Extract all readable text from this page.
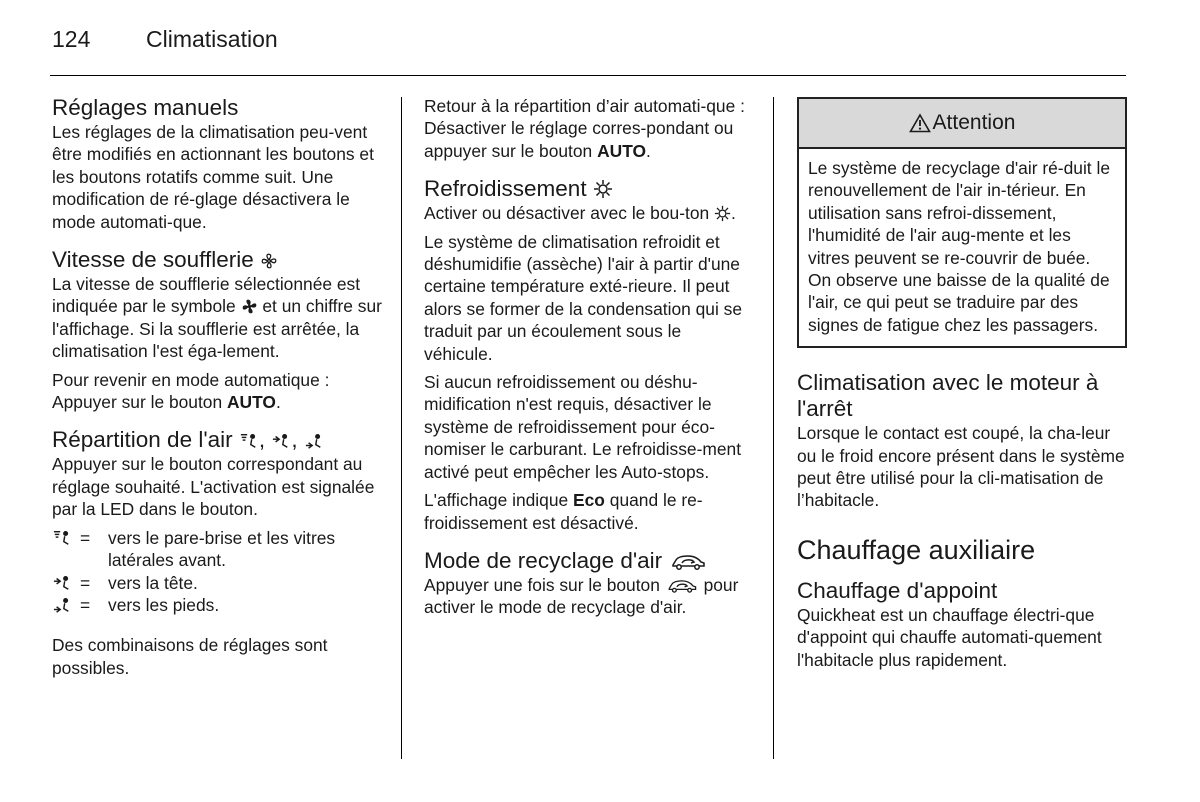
124 Climatisation
Réglages manuels

Les réglages de la climatisation peu-vent être modifiés en actionnant les boutons et les boutons rotatifs comme suit. Une modification de ré-glage désactivera le mode automati-que.

Vitesse de soufflerie

La vitesse de soufflerie sélectionnée est indiquée par le symbole et un chiffre sur l'affichage. Si la soufflerie est arrêtée, la climatisation l'est éga-lement.

Pour revenir en mode automatique : Appuyer sur le bouton AUTO.

Répartition de l'air , ,

Appuyer sur le bouton correspondant au réglage souhaité. L'activation est signalée par la LED dans le bouton.

=	vers le pare-brise et les vitres latérales avant.
=	vers la tête.
=	vers les pieds.

Des combinaisons de réglages sont possibles.

Retour à la répartition d’air automati-que : Désactiver le réglage corres-pondant ou appuyer sur le bouton AUTO.

Refroidissement

Activer ou désactiver avec le bou-ton .

Le système de climatisation refroidit et déshumidifie (assèche) l'air à partir d'une certaine température exté-rieure. Il peut alors se former de la condensation qui se traduit par un écoulement sous le véhicule.

Si aucun refroidissement ou déshu-midification n'est requis, désactiver le système de refroidissement pour éco-nomiser le carburant. Le refroidisse-ment activé peut empêcher les Auto-stops.

L'affichage indique Eco quand le re-froidissement est désactivé.

Mode de recyclage d'air

Appuyer une fois sur le bouton	pour activer le mode de recyclage d'air.

Attention
Le système de recyclage d'air ré-duit le renouvellement de l'air in-térieur. En utilisation sans refroi-dissement, l'humidité de l'air aug-mente et les vitres peuvent se re-couvrir de buée. On observe une baisse de la qualité de l'air, ce qui peut se traduire par des signes de fatigue chez les passagers.
Climatisation avec le moteur à l'arrêt

Lorsque le contact est coupé, la cha-leur ou le froid encore présent dans le système peut être utilisé pour la cli-matisation de l’habitacle.

Chauffage auxiliaire
Chauffage d'appoint

Quickheat est un chauffage électri-que d'appoint qui chauffe automati-quement l'habitacle plus rapidement.
